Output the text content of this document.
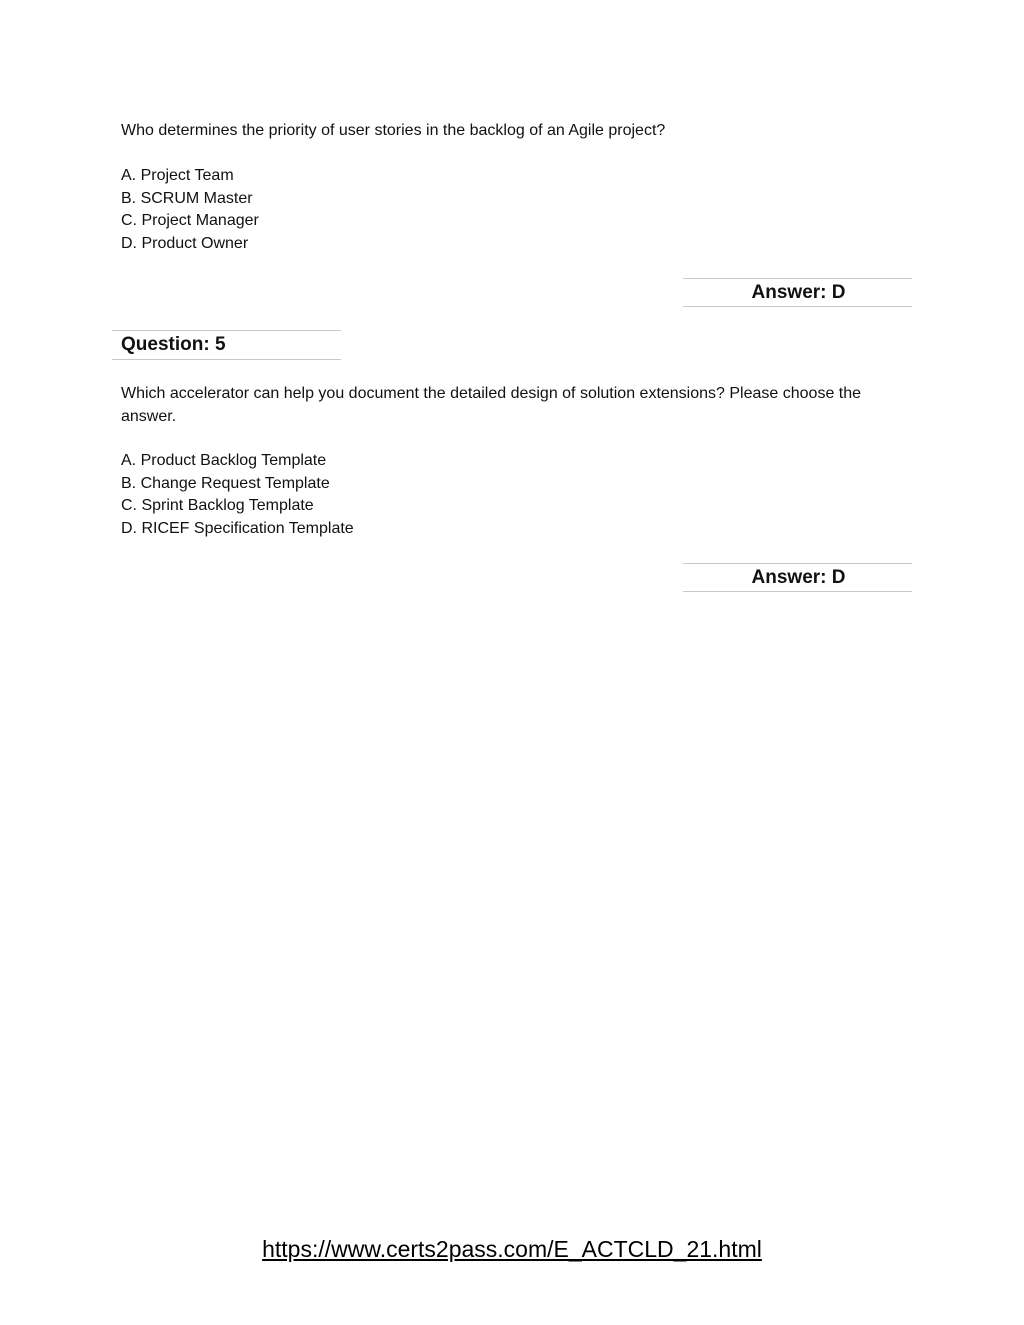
Who determines the priority of user stories in the backlog of an Agile project?

A. Project Team
B. SCRUM Master
C. Project Manager
D. Product Owner
Answer: D
Question: 5

Which accelerator can help you document the detailed design of solution extensions? Please choose the answer.

A. Product Backlog Template
B. Change Request Template
C. Sprint Backlog Template
D. RICEF Specification Template
Answer: D
https://www.certs2pass.com/E_ACTCLD_21.html
